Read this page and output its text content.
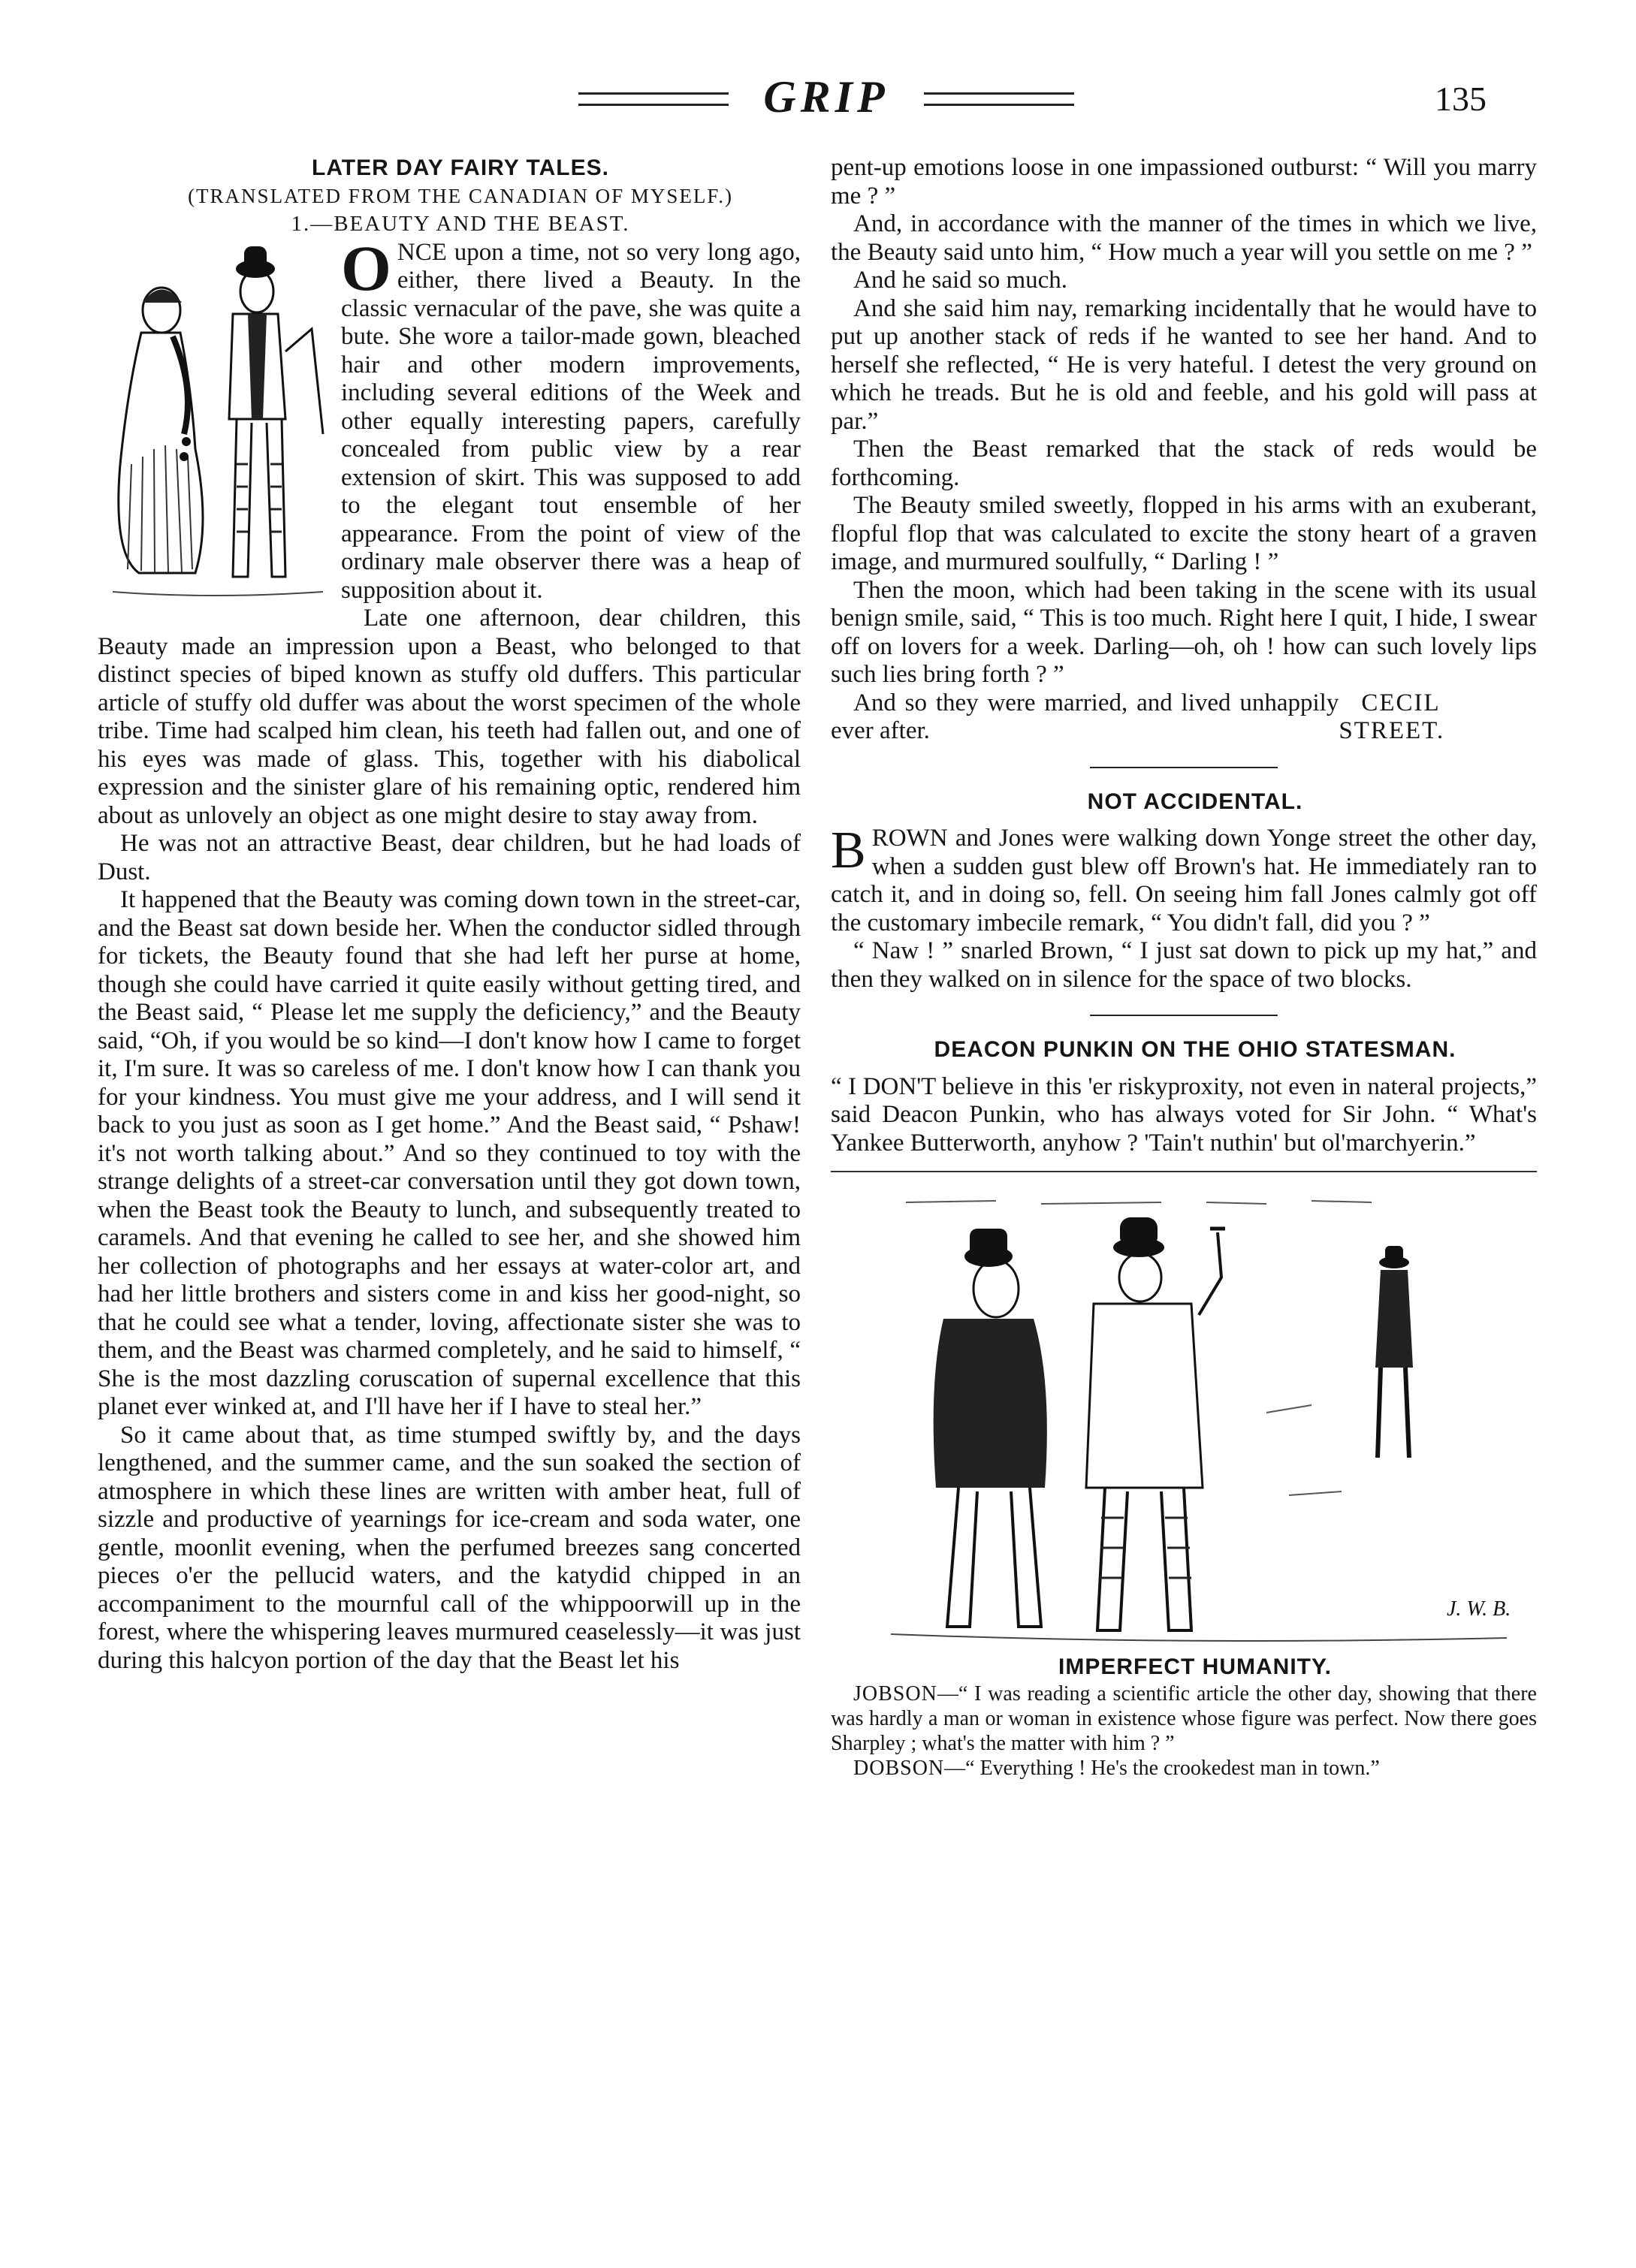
GRIP	135

LATER DAY FAIRY TALES.

(TRANSLATED FROM THE CANADIAN OF MYSELF.)

1.—BEAUTY AND THE BEAST.

ONCE upon a time, not so very long ago, either, there lived a Beauty. In the classic vernacular of the pave, she was quite a bute. She wore a tailor-made gown, bleached hair and other modern improvements, including several editions of the Week and other equally interesting papers, carefully concealed from public view by a rear extension of skirt. This was supposed to add to the elegant tout ensemble of her appearance. From the point of view of the ordinary male observer there was a heap of supposition about it.

Late one afternoon, dear children, this Beauty made an impression upon a Beast, who belonged to that distinct species of biped known as stuffy old duffers. This particular article of stuffy old duffer was about the worst specimen of the whole tribe. Time had scalped him clean, his teeth had fallen out, and one of his eyes was made of glass. This, together with his diabolical expression and the sinister glare of his remaining optic, rendered him about as unlovely an object as one might desire to stay away from.

He was not an attractive Beast, dear children, but he had loads of Dust.

It happened that the Beauty was coming down town in the street-car, and the Beast sat down beside her. When the conductor sidled through for tickets, the Beauty found that she had left her purse at home, though she could have carried it quite easily without getting tired, and the Beast said, “ Please let me supply the deficiency,” and the Beauty said, “Oh, if you would be so kind—I don't know how I came to forget it, I'm sure. It was so careless of me. I don't know how I can thank you for your kindness. You must give me your address, and I will send it back to you just as soon as I get home.” And the Beast said, “ Pshaw! it's not worth talking about.” And so they continued to toy with the strange delights of a street-car conversation until they got down town, when the Beast took the Beauty to lunch, and subsequently treated to caramels. And that evening he called to see her, and she showed him her collection of photographs and her essays at water-color art, and had her little brothers and sisters come in and kiss her good-night, so that he could see what a tender, loving, affectionate sister she was to them, and the Beast was charmed completely, and he said to himself, “ She is the most dazzling coruscation of supernal excellence that this planet ever winked at, and I'll have her if I have to steal her.”

So it came about that, as time stumped swiftly by, and the days lengthened, and the summer came, and the sun soaked the section of atmosphere in which these lines are written with amber heat, full of sizzle and productive of yearnings for ice-cream and soda water, one gentle, moonlit evening, when the perfumed breezes sang concerted pieces o'er the pellucid waters, and the katydid chipped in an accompaniment to the mournful call of the whippoorwill up in the forest, where the whispering leaves murmured ceaselessly—it was just during this halcyon portion of the day that the Beast let his

pent-up emotions loose in one impassioned outburst: “ Will you marry me ? ”

And, in accordance with the manner of the times in which we live, the Beauty said unto him, “ How much a year will you settle on me ? ”

And he said so much.

And she said him nay, remarking incidentally that he would have to put up another stack of reds if he wanted to see her hand. And to herself she reflected, “ He is very hateful. I detest the very ground on which he treads. But he is old and feeble, and his gold will pass at par.”

Then the Beast remarked that the stack of reds would be forthcoming.

The Beauty smiled sweetly, flopped in his arms with an exuberant, flopful flop that was calculated to excite the stony heart of a graven image, and murmured soulfully, “ Darling ! ”

Then the moon, which had been taking in the scene with its usual benign smile, said, “ This is too much. Right here I quit, I hide, I swear off on lovers for a week. Darling—oh, oh ! how can such lovely lips such lies bring forth ? ”

And so they were married, and lived unhappily ever after.
CECIL STREET.

NOT ACCIDENTAL.

BROWN and Jones were walking down Yonge street the other day, when a sudden gust blew off Brown's hat. He immediately ran to catch it, and in doing so, fell. On seeing him fall Jones calmly got off the customary imbecile remark, “ You didn't fall, did you ? ”

“ Naw ! ” snarled Brown, “ I just sat down to pick up my hat,” and then they walked on in silence for the space of two blocks.

DEACON PUNKIN ON THE OHIO STATESMAN.

“ I DON'T believe in this 'er riskyproxity, not even in nateral projects,” said Deacon Punkin, who has always voted for Sir John. “ What's Yankee Butterworth, anyhow ? 'Tain't nuthin' but ol'marchyerin.”

J. W. B.

IMPERFECT HUMANITY.

JOBSON—“ I was reading a scientific article the other day, showing that there was hardly a man or woman in existence whose figure was perfect. Now there goes Sharpley ; what's the matter with him ? ”

DOBSON—“ Everything ! He's the crookedest man in town.”
